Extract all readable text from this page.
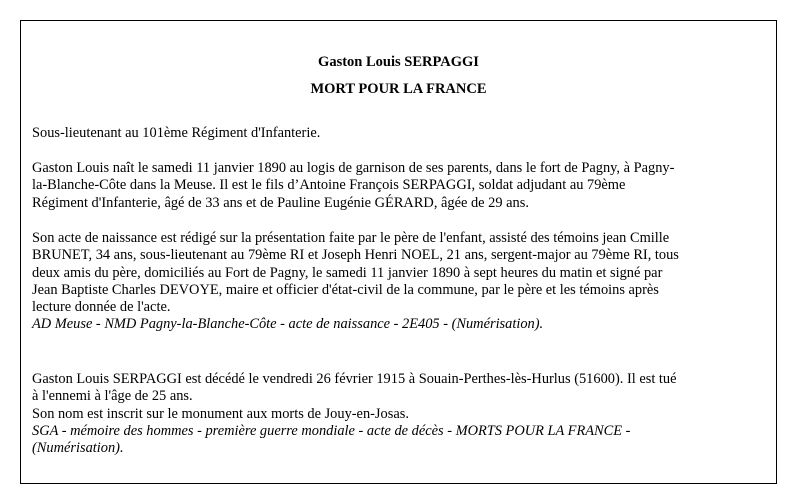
Gaston Louis SERPAGGI
MORT POUR LA FRANCE
Sous-lieutenant au 101ème Régiment d'Infanterie.
Gaston Louis naît le samedi 11 janvier 1890 au logis de garnison de ses parents, dans le fort de Pagny, à Pagny-
la-Blanche-Côte dans la Meuse. Il est le fils d’Antoine François SERPAGGI, soldat adjudant au 79ème
Régiment d'Infanterie, âgé de 33 ans et de Pauline Eugénie GÉRARD, âgée de 29 ans.
Son acte de naissance est rédigé sur la présentation faite par le père de l'enfant, assisté des témoins jean Cmille
BRUNET, 34 ans, sous-lieutenant au 79ème RI et Joseph Henri NOEL, 21 ans, sergent-major au 79ème RI, tous
deux amis du père, domiciliés au Fort de Pagny, le samedi 11 janvier 1890 à sept heures du matin et signé par
Jean Baptiste Charles DEVOYE, maire et officier d'état-civil de la commune, par le père et les témoins après
lecture donnée de l'acte.
AD Meuse - NMD Pagny-la-Blanche-Côte - acte de naissance - 2E405 - (Numérisation).
Gaston Louis SERPAGGI est décédé le vendredi 26 février 1915 à Souain-Perthes-lès-Hurlus (51600). Il est tué
à l'ennemi à l'âge de 25 ans.
Son nom est inscrit sur le monument aux morts de Jouy-en-Josas.
SGA - mémoire des hommes - première guerre mondiale - acte de décès - MORTS POUR LA FRANCE -
(Numérisation).
